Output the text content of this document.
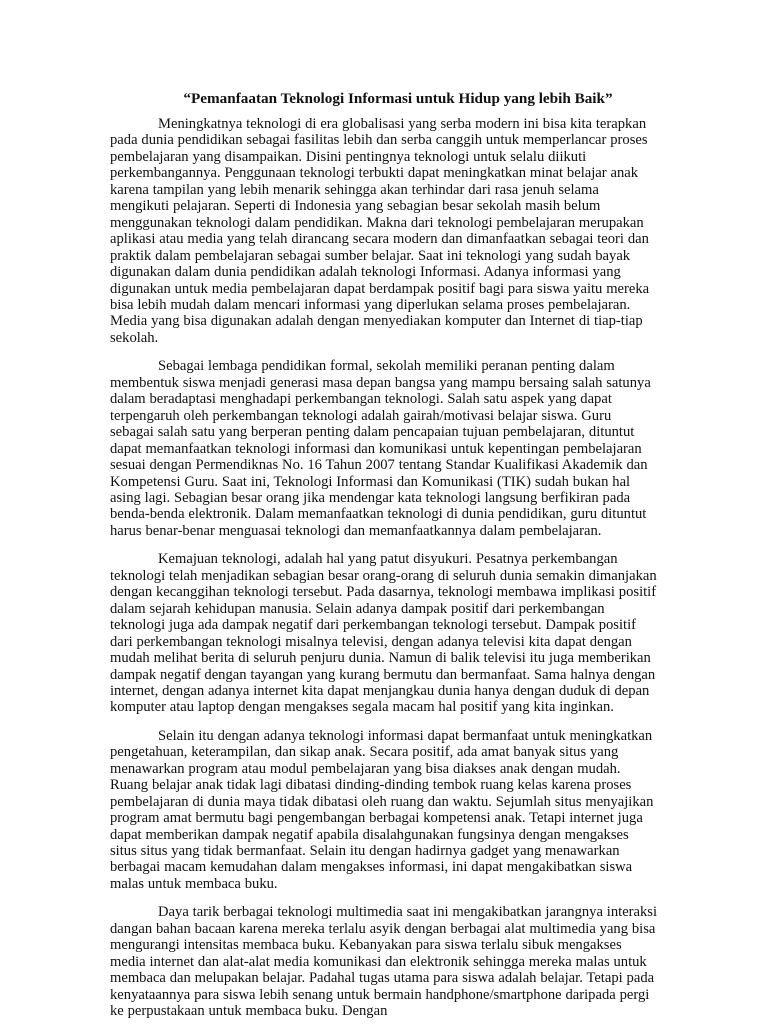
“Pemanfaatan Teknologi Informasi untuk Hidup yang lebih Baik”

Meningkatnya teknologi di era globalisasi yang serba modern ini bisa kita terapkan pada dunia pendidikan sebagai fasilitas lebih dan serba canggih untuk memperlancar proses pembelajaran yang disampaikan. Disini pentingnya teknologi untuk selalu diikuti perkembangannya. Penggunaan teknologi terbukti dapat meningkatkan minat belajar anak karena tampilan yang lebih menarik sehingga akan terhindar dari rasa jenuh selama mengikuti pelajaran. Seperti di Indonesia yang sebagian besar sekolah masih belum menggunakan teknologi dalam pendidikan. Makna dari teknologi pembelajaran merupakan aplikasi atau media yang telah dirancang secara modern dan dimanfaatkan sebagai teori dan praktik dalam pembelajaran sebagai sumber belajar. Saat ini teknologi yang sudah bayak digunakan dalam dunia pendidikan adalah teknologi Informasi. Adanya informasi yang digunakan untuk media pembelajaran dapat berdampak positif bagi para siswa yaitu mereka bisa lebih mudah dalam mencari informasi yang diperlukan selama proses pembelajaran. Media yang bisa digunakan adalah dengan menyediakan komputer dan Internet di tiap-tiap sekolah.

Sebagai lembaga pendidikan formal, sekolah memiliki peranan penting dalam membentuk siswa menjadi generasi masa depan bangsa yang mampu bersaing salah satunya dalam beradaptasi menghadapi perkembangan teknologi. Salah satu aspek yang dapat terpengaruh oleh perkembangan teknologi adalah gairah/motivasi belajar siswa. Guru sebagai salah satu yang berperan penting dalam pencapaian tujuan pembelajaran, dituntut dapat memanfaatkan teknologi informasi dan komunikasi untuk kepentingan pembelajaran sesuai dengan Permendiknas No. 16 Tahun 2007 tentang Standar Kualifikasi Akademik dan Kompetensi Guru. Saat ini, Teknologi Informasi dan Komunikasi (TIK) sudah bukan hal asing lagi. Sebagian besar orang jika mendengar kata teknologi langsung berfikiran pada benda-benda elektronik. Dalam memanfaatkan teknologi di dunia pendidikan, guru dituntut harus benar-benar menguasai teknologi dan memanfaatkannya dalam pembelajaran.

Kemajuan teknologi, adalah hal yang patut disyukuri. Pesatnya perkembangan teknologi telah menjadikan sebagian besar orang-orang di seluruh dunia semakin dimanjakan dengan kecanggihan teknologi tersebut. Pada dasarnya, teknologi membawa implikasi positif dalam sejarah kehidupan manusia. Selain adanya dampak positif dari perkembangan teknologi juga ada dampak negatif dari perkembangan teknologi tersebut. Dampak positif dari perkembangan teknologi misalnya televisi, dengan adanya televisi kita dapat dengan mudah melihat berita di seluruh penjuru dunia. Namun di balik televisi itu juga memberikan dampak negatif dengan tayangan yang kurang bermutu dan bermanfaat. Sama halnya dengan internet, dengan adanya internet kita dapat menjangkau dunia hanya dengan duduk di depan komputer atau laptop dengan mengakses segala macam hal positif yang kita inginkan.

Selain itu dengan adanya teknologi informasi dapat bermanfaat untuk meningkatkan pengetahuan, keterampilan, dan sikap anak. Secara positif, ada amat banyak situs yang menawarkan program atau modul pembelajaran yang bisa diakses anak dengan mudah. Ruang belajar anak tidak lagi dibatasi dinding-dinding tembok ruang kelas karena proses pembelajaran di dunia maya tidak dibatasi oleh ruang dan waktu. Sejumlah situs menyajikan program amat bermutu bagi pengembangan berbagai kompetensi anak. Tetapi internet juga dapat memberikan dampak negatif apabila disalahgunakan fungsinya dengan mengakses situs situs yang tidak bermanfaat. Selain itu dengan hadirnya gadget yang menawarkan berbagai macam kemudahan dalam mengakses informasi, ini dapat mengakibatkan siswa malas untuk membaca buku.

Daya tarik berbagai teknologi multimedia saat ini mengakibatkan jarangnya interaksi dangan bahan bacaan karena mereka terlalu asyik dengan berbagai alat multimedia yang bisa mengurangi intensitas membaca buku. Kebanyakan para siswa terlalu sibuk mengakses media internet dan alat-alat media komunikasi dan elektronik sehingga mereka malas untuk membaca dan melupakan belajar. Padahal tugas utama para siswa adalah belajar. Tetapi pada kenyataannya para siswa lebih senang untuk bermain handphone/smartphone daripada pergi ke perpustakaan untuk membaca buku. Dengan
